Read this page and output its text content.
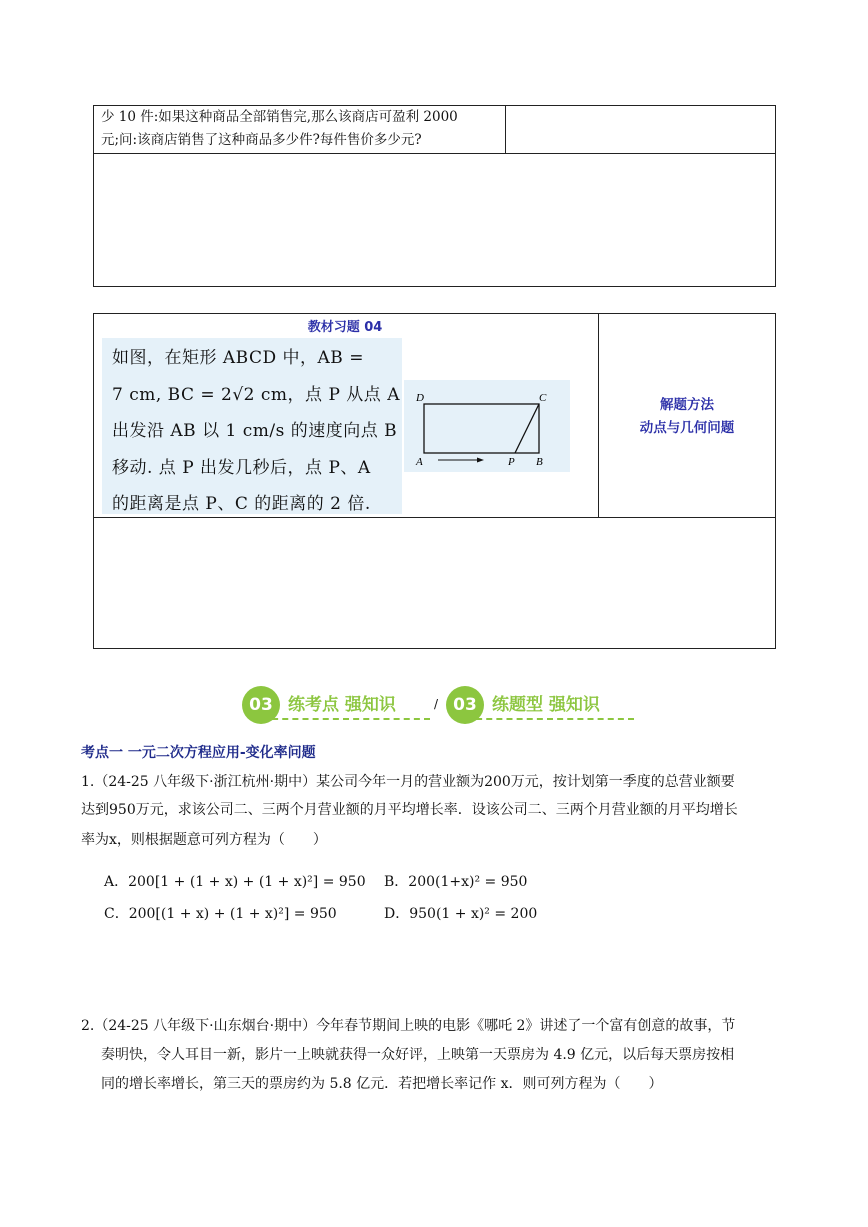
少 10 件:如果这种商品全部销售完,那么该商店可盈利 2000
元;问:该商店销售了这种商品多少件?每件售价多少元?
教材习题 04
如图，在矩形 ABCD 中，AB =
7 cm, BC = 2√2 cm，点 P 从点 A
出发沿 AB 以 1 cm/s 的速度向点 B
移动. 点 P 出发几秒后，点 P、A
的距离是点 P、C 的距离的 2 倍.
D	C
A	P B
解题方法
动点与几何问题
03 练考点 强知识	/ 03 练题型 强知识
考点一 一元二次方程应用-变化率问题
1.（24-25 八年级下·浙江杭州·期中）某公司今年一月的营业额为200万元，按计划第一季度的总营业额要
达到950万元，求该公司二、三两个月营业额的月平均增长率．设该公司二、三两个月营业额的月平均增长
率为x，则根据题意可列方程为（　　）
A．200[1 + (1 + x) + (1 + x)²] = 950 B．200(1+x)² = 950
C．200[(1 + x) + (1 + x)²] = 950	D．950(1 + x)² = 200
2.（24-25 八年级下·山东烟台·期中）今年春节期间上映的电影《哪吒 2》讲述了一个富有创意的故事，节
奏明快，令人耳目一新，影片一上映就获得一众好评，上映第一天票房为 4.9 亿元，以后每天票房按相
同的增长率增长，第三天的票房约为 5.8 亿元．若把增长率记作 x．则可列方程为（　　）
